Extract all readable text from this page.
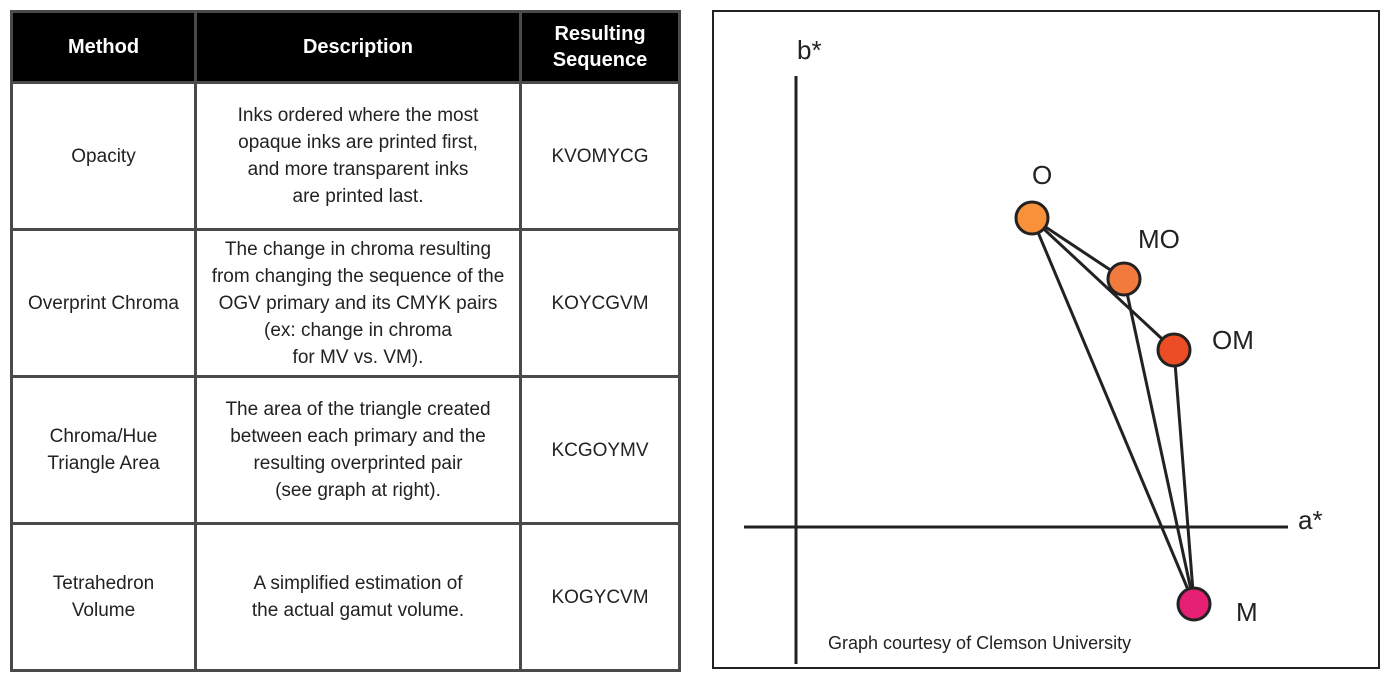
Method	Description	Resulting
Sequence
Opacity	Inks ordered where the most
opaque inks are printed first,
and more transparent inks
are printed last.	KVOMYCG
Overprint Chroma	The change in chroma resulting
from changing the sequence of the
OGV primary and its CMYK pairs
(ex: change in chroma
for MV vs. VM).	KOYCGVM
Chroma/Hue
Triangle Area	The area of the triangle created
between each primary and the
resulting overprinted pair
(see graph at right).	KCGOYMV
Tetrahedron
Volume	A simplified estimation of
the actual gamut volume.	KOGYCVM
b*
a*
O
MO
OM
M
Graph courtesy of Clemson University
